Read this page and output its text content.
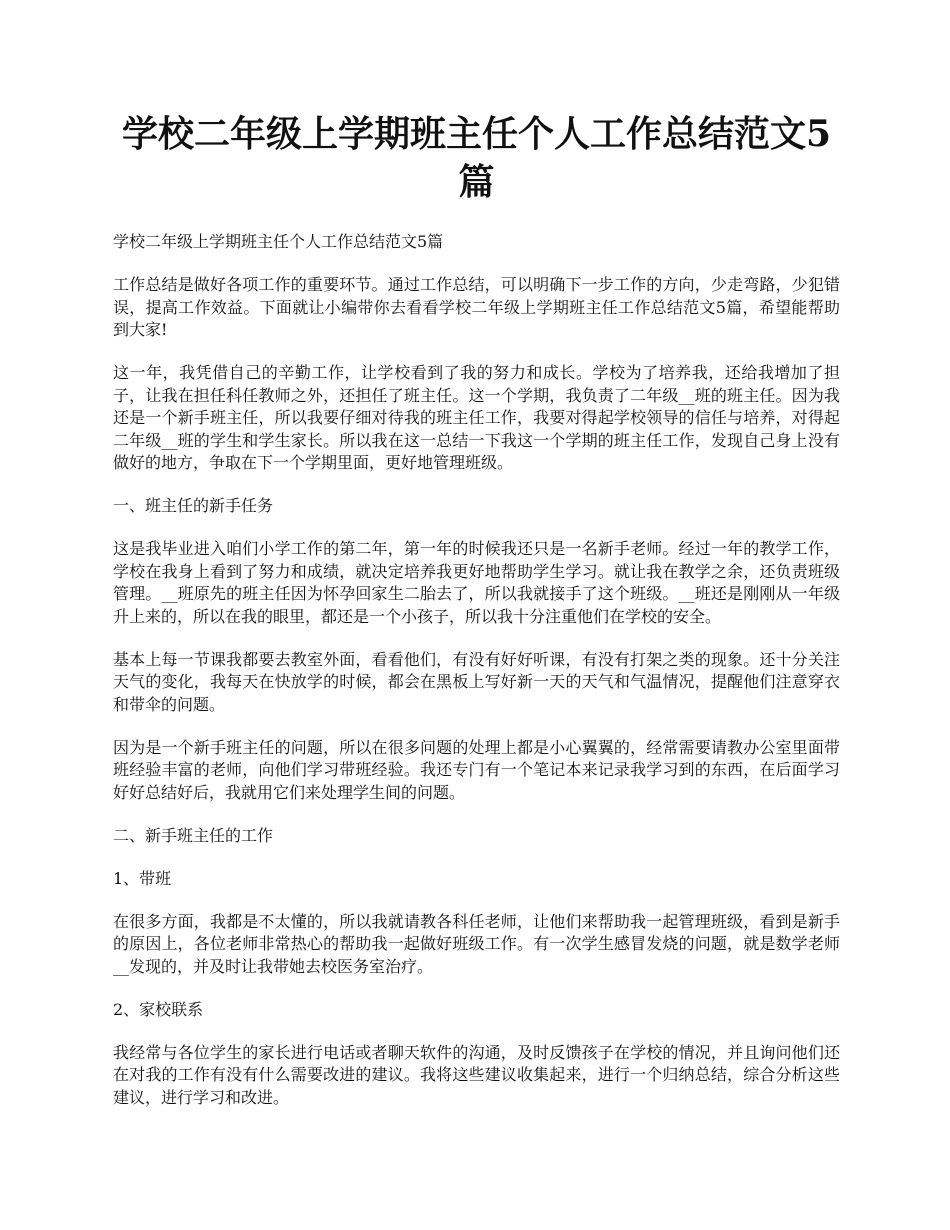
学校二年级上学期班主任个人工作总结范文5篇

学校二年级上学期班主任个人工作总结范文5篇

工作总结是做好各项工作的重要环节。通过工作总结，可以明确下一步工作的方向，少走弯路，少犯错误，提高工作效益。下面就让小编带你去看看学校二年级上学期班主任工作总结范文5篇，希望能帮助到大家!

这一年，我凭借自己的辛勤工作，让学校看到了我的努力和成长。学校为了培养我，还给我增加了担子，让我在担任科任教师之外，还担任了班主任。这一个学期，我负责了二年级__班的班主任。因为我还是一个新手班主任，所以我要仔细对待我的班主任工作，我要对得起学校领导的信任与培养，对得起二年级__班的学生和学生家长。所以我在这一总结一下我这一个学期的班主任工作，发现自己身上没有做好的地方，争取在下一个学期里面，更好地管理班级。

一、班主任的新手任务

这是我毕业进入咱们小学工作的第二年，第一年的时候我还只是一名新手老师。经过一年的教学工作，学校在我身上看到了努力和成绩，就决定培养我更好地帮助学生学习。就让我在教学之余，还负责班级管理。__班原先的班主任因为怀孕回家生二胎去了，所以我就接手了这个班级。__班还是刚刚从一年级升上来的，所以在我的眼里，都还是一个小孩子，所以我十分注重他们在学校的安全。

基本上每一节课我都要去教室外面，看看他们，有没有好好听课，有没有打架之类的现象。还十分关注天气的变化，我每天在快放学的时候，都会在黑板上写好新一天的天气和气温情况，提醒他们注意穿衣和带伞的问题。

因为是一个新手班主任的问题，所以在很多问题的处理上都是小心翼翼的，经常需要请教办公室里面带班经验丰富的老师，向他们学习带班经验。我还专门有一个笔记本来记录我学习到的东西，在后面学习好好总结好后，我就用它们来处理学生间的问题。

二、新手班主任的工作

1、带班

在很多方面，我都是不太懂的，所以我就请教各科任老师，让他们来帮助我一起管理班级，看到是新手的原因上，各位老师非常热心的帮助我一起做好班级工作。有一次学生感冒发烧的问题，就是数学老师__发现的，并及时让我带她去校医务室治疗。

2、家校联系

我经常与各位学生的家长进行电话或者聊天软件的沟通，及时反馈孩子在学校的情况，并且询问他们还在对我的工作有没有什么需要改进的建议。我将这些建议收集起来，进行一个归纳总结，综合分析这些建议，进行学习和改进。
